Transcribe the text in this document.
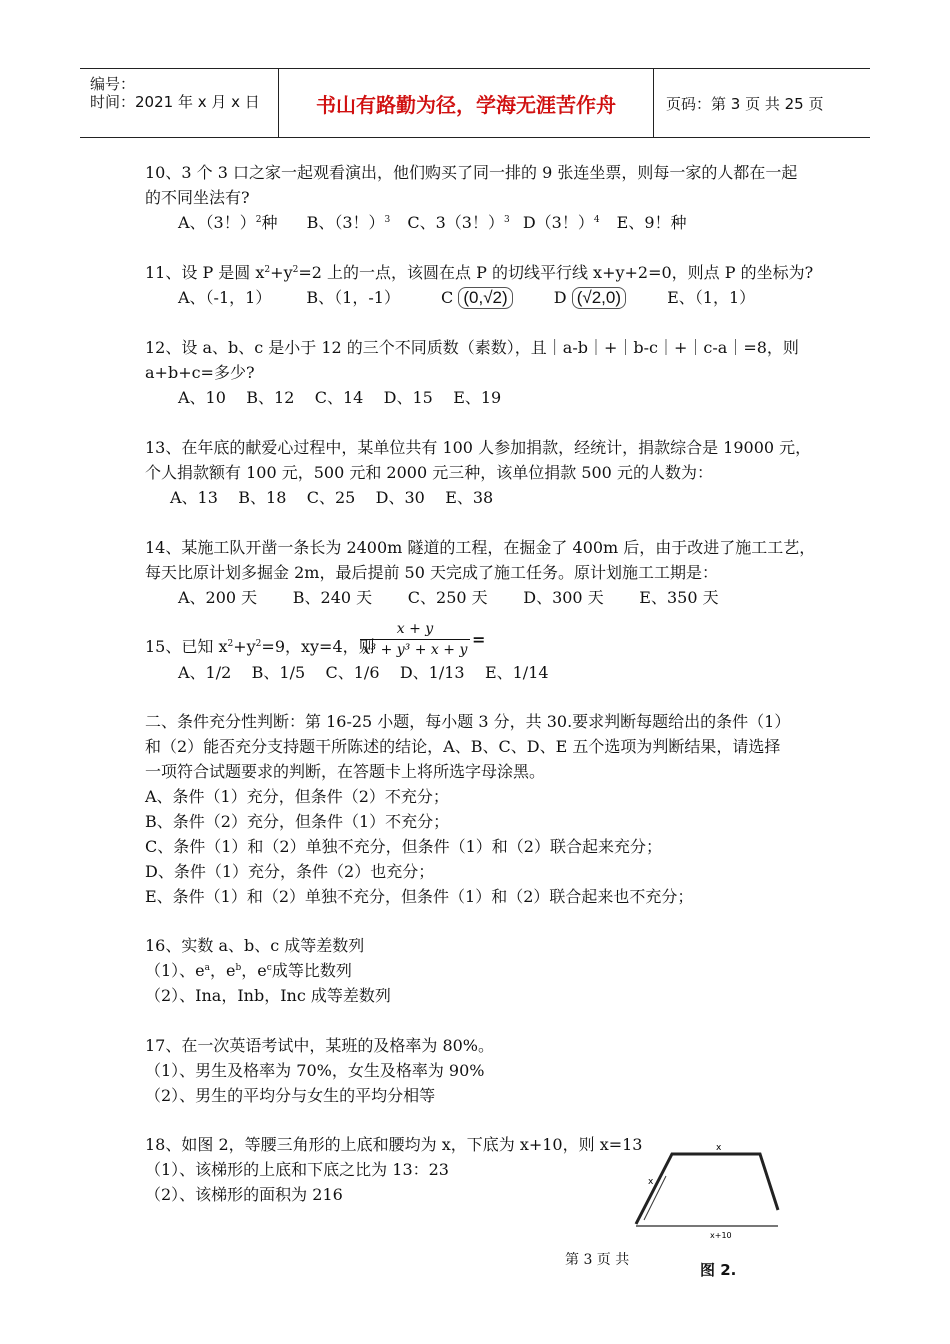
编号：
时间：2021 年 x 月 x 日	书山有路勤为径，学海无涯苦作舟	页码：第 3 页 共 25 页
10、3 个 3 口之家一起观看演出，他们购买了同一排的 9 张连坐票，则每一家的人都在一起
的不同坐法有?
A、（3！）$^2$种 B、（3！）$^3$ C、3（3！）$^3$ D（3！）$^4$ E、9！种
11、设 P 是圆 $x^2+y^2=2$ 上的一点，该圆在点 P 的切线平行线 x+y+2=0，则点 P 的坐标为?
A、（-1，1） B、（1，-1）	C (0,√2)	D (√2,0)	E、（1，1）
12、设 a、b、c 是小于 12 的三个不同质数（素数），且｜a-b｜+｜b-c｜+｜c-a｜=8，则
a+b+c=多少?
A、10    B、12    C、14    D、15    E、19
13、在年底的献爱心过程中，某单位共有 100 人参加捐款，经统计，捐款综合是 19000 元，
个人捐款额有 100 元，500 元和 2000 元三种，该单位捐款 500 元的人数为：
A、13    B、18    C、25    D、30    E、38
14、某施工队开凿一条长为 2400m 隧道的工程，在掘金了 400m 后，由于改进了施工工艺，
每天比原计划多掘金 2m，最后提前 50 天完成了施工任务。原计划施工工期是：
A、200 天       B、240 天       C、250 天       D、300 天       E、350 天
15、已知 $x^2+y^2=9$，xy=4，则
x + y
x³ + y³ + x + y
=
A、1/2    B、1/5    C、1/6    D、1/13    E、1/14
二、条件充分性判断：第 16-25 小题，每小题 3 分，共 30.要求判断每题给出的条件（1）
和（2）能否充分支持题干所陈述的结论，A、B、C、D、E 五个选项为判断结果，请选择
一项符合试题要求的判断，在答题卡上将所选字母涂黑。
A、条件（1）充分，但条件（2）不充分；
B、条件（2）充分，但条件（1）不充分；
C、条件（1）和（2）单独不充分，但条件（1）和（2）联合起来充分；
D、条件（1）充分，条件（2）也充分；
E、条件（1）和（2）单独不充分，但条件（1）和（2）联合起来也不充分；
16、实数 a、b、c 成等差数列
（1）、$e^a$，$e^b$，$e^c$成等比数列
（2）、Ina，Inb，Inc 成等差数列
17、在一次英语考试中，某班的及格率为 80%。
（1）、男生及格率为 70%，女生及格率为 90%
（2）、男生的平均分与女生的平均分相等
18、如图 2，等腰三角形的上底和腰均为 x，下底为 x+10，则 x=13
（1）、该梯形的上底和下底之比为 13：23
（2）、该梯形的面积为 216
x
x
x+10
图 2.
第 3 页 共
